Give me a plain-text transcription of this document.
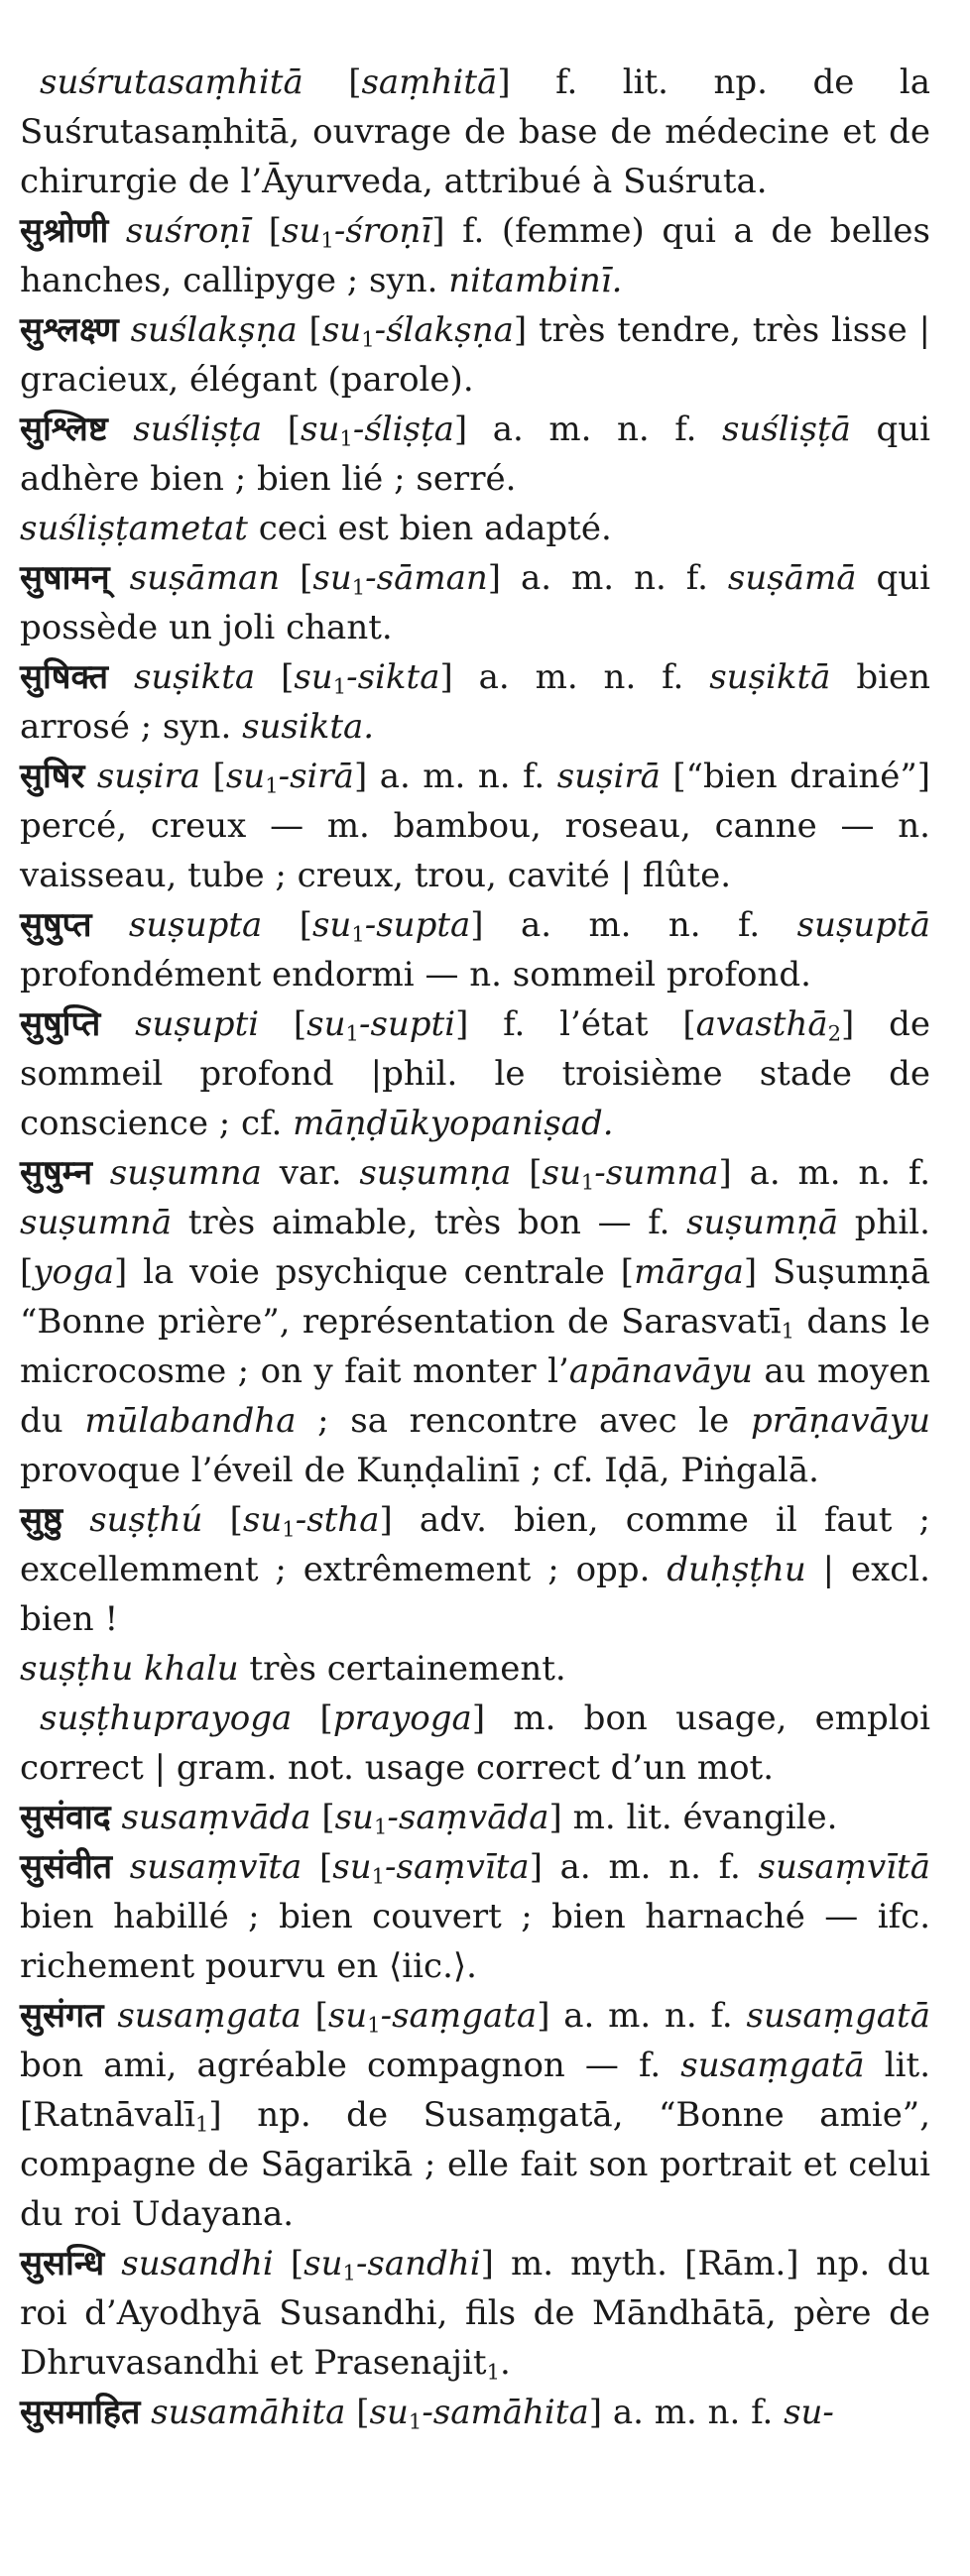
suśrutasaṃhitā [saṃhitā] f. lit. np. de la Suśrutasaṃhitā, ouvrage de base de médecine et de chirurgie de l’Āyurveda, attribué à Suśruta.

सुश्रोणी suśroṇī $[su_1-śroṇī]$ f. (femme) qui a de belles hanches, callipyge ; syn. nitambinī.

सुश्लक्ष्ण suślakṣṇa $[su_1-ślakṣṇa]$ très tendre, très lisse | gracieux, élégant (parole).

सुश्लिष्ट suśliṣṭa $[su_1-śliṣṭa]$ a. m. n. f. suśliṣṭā qui adhère bien ; bien lié ; serré.

suśliṣṭametat ceci est bien adapté.

सुषामन् suṣāman $[su_1-sāman]$ a. m. n. f. suṣāmā qui possède un joli chant.

सुषिक्त suṣikta $[su_1-sikta]$ a. m. n. f. suṣiktā bien arrosé ; syn. susikta.

सुषिर suṣira $[su_1-sirā]$ a. m. n. f. suṣirā [“bien drainé”] percé, creux — m. bambou, roseau, canne — n. vaisseau, tube ; creux, trou, cavité | flûte.

सुषुप्त suṣupta $[su_1-supta]$ a. m. n. f. suṣuptā profondément endormi — n. sommeil profond.

सुषुप्ति suṣupti $[su_1-supti]$ f. l’état [avasthā$_2$] de sommeil profond |phil. le troisième stade de conscience ; cf. māṇḍūkyopaniṣad.

सुषुम्न suṣumna var. suṣumṇa $[su_1-sumna]$ a. m. n. f. suṣumnā très aimable, très bon — f. suṣumṇā phil. [yoga] la voie psychique centrale [mārga] Suṣumṇā “Bonne prière”, représentation de Sarasvatī$_1$ dans le microcosme ; on y fait monter l’apānavāyu au moyen du mūlabandha ; sa rencontre avec le prāṇavāyu provoque l’éveil de Kuṇḍalinī ; cf. Iḍā, Piṅgalā.

सुष्ठु suṣṭhú $[su_1-stha]$ adv. bien, comme il faut ; excellemment ; extrêmement ; opp. duḥṣṭhu | excl. bien !

suṣṭhu khalu très certainement.

suṣṭhuprayoga [prayoga] m. bon usage, emploi correct | gram. not. usage correct d’un mot.

सुसंवाद susaṃvāda $[su_1-saṃvāda]$ m. lit. évangile.

सुसंवीत susaṃvīta $[su_1-saṃvīta]$ a. m. n. f. susaṃvītā bien habillé ; bien couvert ; bien harnaché — ifc. richement pourvu en ⟨iic.⟩.

सुसंगत susaṃgata $[su_1-saṃgata]$ a. m. n. f. susaṃgatā bon ami, agréable compagnon — f. susaṃgatā lit. [Ratnāvalī$_1$] np. de Susaṃgatā, “Bonne amie”, compagne de Sāgarikā ; elle fait son portrait et celui du roi Udayana.

सुसन्धि susandhi $[su_1-sandhi]$ m. myth. [Rām.] np. du roi d’Ayodhyā Susandhi, fils de Māndhātā, père de Dhruvasandhi et Prasenajit$_1$.

सुसमाहित susamāhita $[su_1-samāhita]$ a. m. n. f. su-
